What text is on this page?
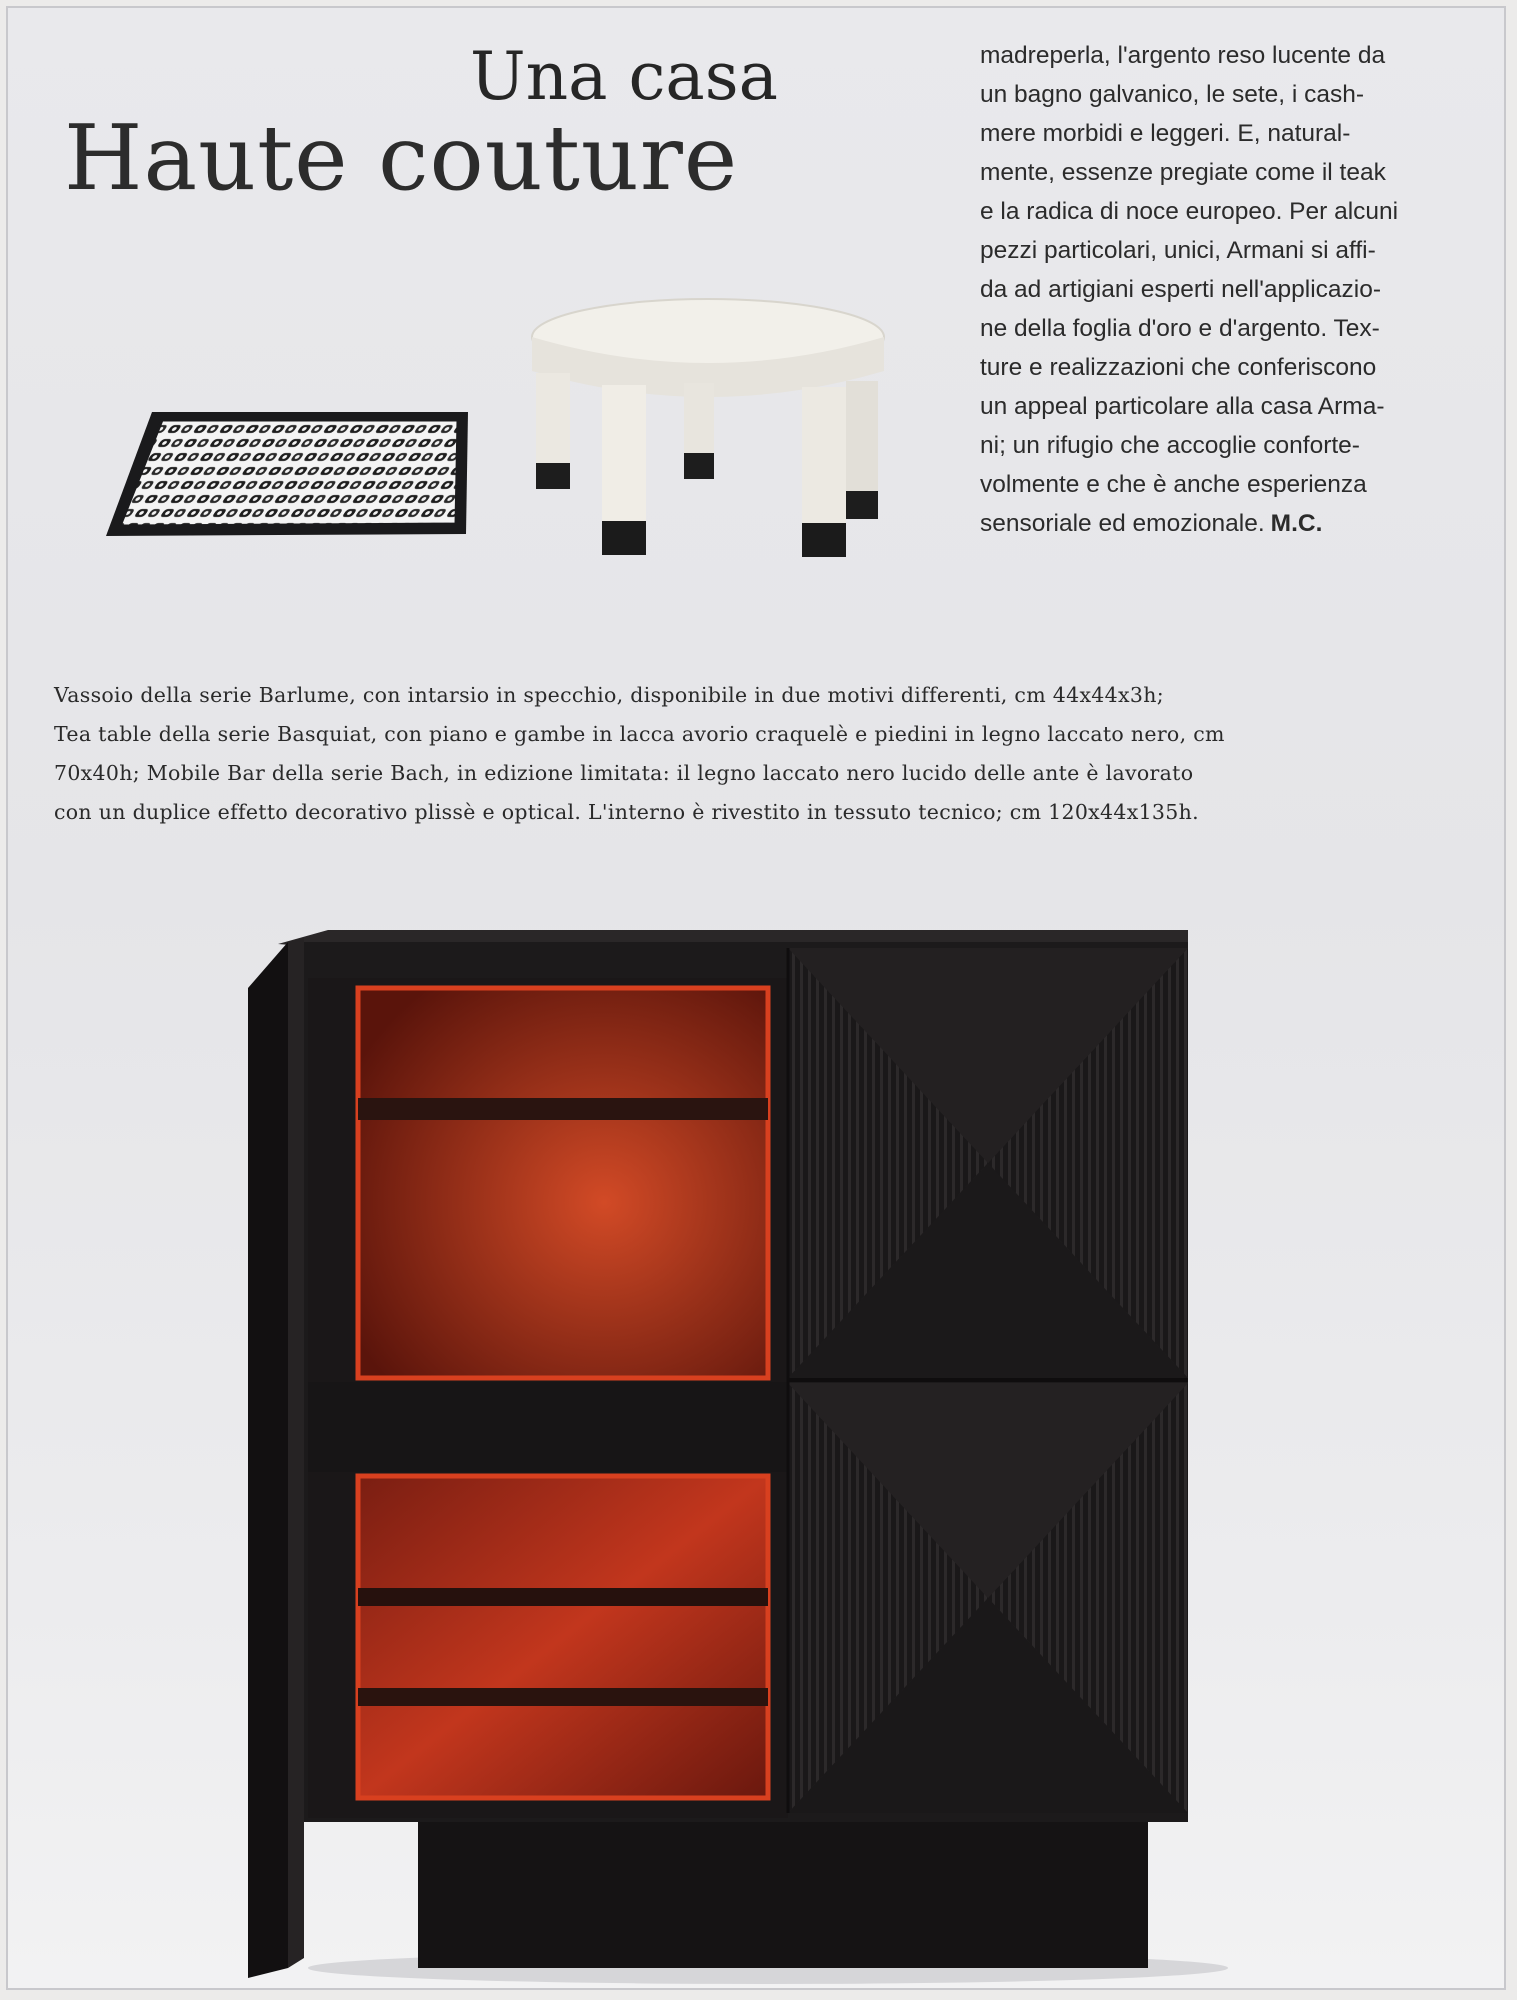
Una casa
Haute couture
madreperla, l'argento reso lucente da
un bagno galvanico, le sete, i cash-
mere morbidi e leggeri. E, natural-
mente, essenze pregiate come il teak
e la radica di noce europeo. Per alcuni
pezzi particolari, unici, Armani si affi-
da ad artigiani esperti nell'applicazio-
ne della foglia d'oro e d'argento. Tex-
ture e realizzazioni che conferiscono
un appeal particolare alla casa Arma-
ni; un rifugio che accoglie conforte-
volmente e che è anche esperienza
sensoriale ed emozionale. M.C.
Vassoio della serie Barlume, con intarsio in specchio, disponibile in due motivi differenti, cm 44x44x3h;
Tea table della serie Basquiat, con piano e gambe in lacca avorio craquelè e piedini in legno laccato nero, cm
70x40h; Mobile Bar della serie Bach, in edizione limitata: il legno laccato nero lucido delle ante è lavorato
con un duplice effetto decorativo plissè e optical. L'interno è rivestito in tessuto tecnico; cm 120x44x135h.
